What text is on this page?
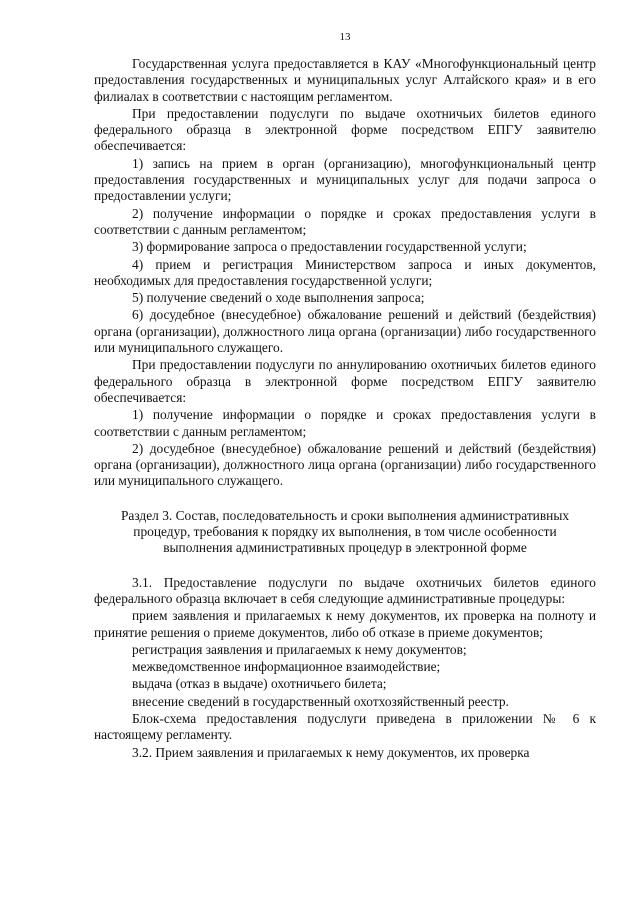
13

Государственная услуга предоставляется в КАУ «Многофункциональный центр предоставления государственных и муниципальных услуг Алтайского края» и в его филиалах в соответствии с настоящим регламентом.

При предоставлении подуслуги по выдаче охотничьих билетов единого федерального образца в электронной форме посредством ЕПГУ заявителю обеспечивается:

1) запись на прием в орган (организацию), многофункциональный центр предоставления государственных и муниципальных услуг для подачи запроса о предоставлении услуги;

2) получение информации о порядке и сроках предоставления услуги в соответствии с данным регламентом;

3) формирование запроса о предоставлении государственной услуги;

4) прием и регистрация Министерством запроса и иных документов, необходимых для предоставления государственной услуги;

5) получение сведений о ходе выполнения запроса;

6) досудебное (внесудебное) обжалование решений и действий (бездействия) органа (организации), должностного лица органа (организации) либо государственного или муниципального служащего.

При предоставлении подуслуги по аннулированию охотничьих билетов единого федерального образца в электронной форме посредством ЕПГУ заявителю обеспечивается:

1) получение информации о порядке и сроках предоставления услуги в соответствии с данным регламентом;

2) досудебное (внесудебное) обжалование решений и действий (бездействия) органа (организации), должностного лица органа (организации) либо государственного или муниципального служащего.

Раздел 3. Состав, последовательность и сроки выполнения административных процедур, требования к порядку их выполнения, в том числе особенности выполнения административных процедур в электронной форме

3.1. Предоставление подуслуги по выдаче охотничьих билетов единого федерального образца включает в себя следующие административные процедуры:

прием заявления и прилагаемых к нему документов, их проверка на полноту и принятие решения о приеме документов, либо об отказе в приеме документов;

регистрация заявления и прилагаемых к нему документов;

межведомственное информационное взаимодействие;

выдача (отказ в выдаче) охотничьего билета;

внесение сведений в государственный охотхозяйственный реестр.

Блок-схема предоставления подуслуги приведена в приложении № 6 к настоящему регламенту.

3.2. Прием заявления и прилагаемых к нему документов, их проверка
